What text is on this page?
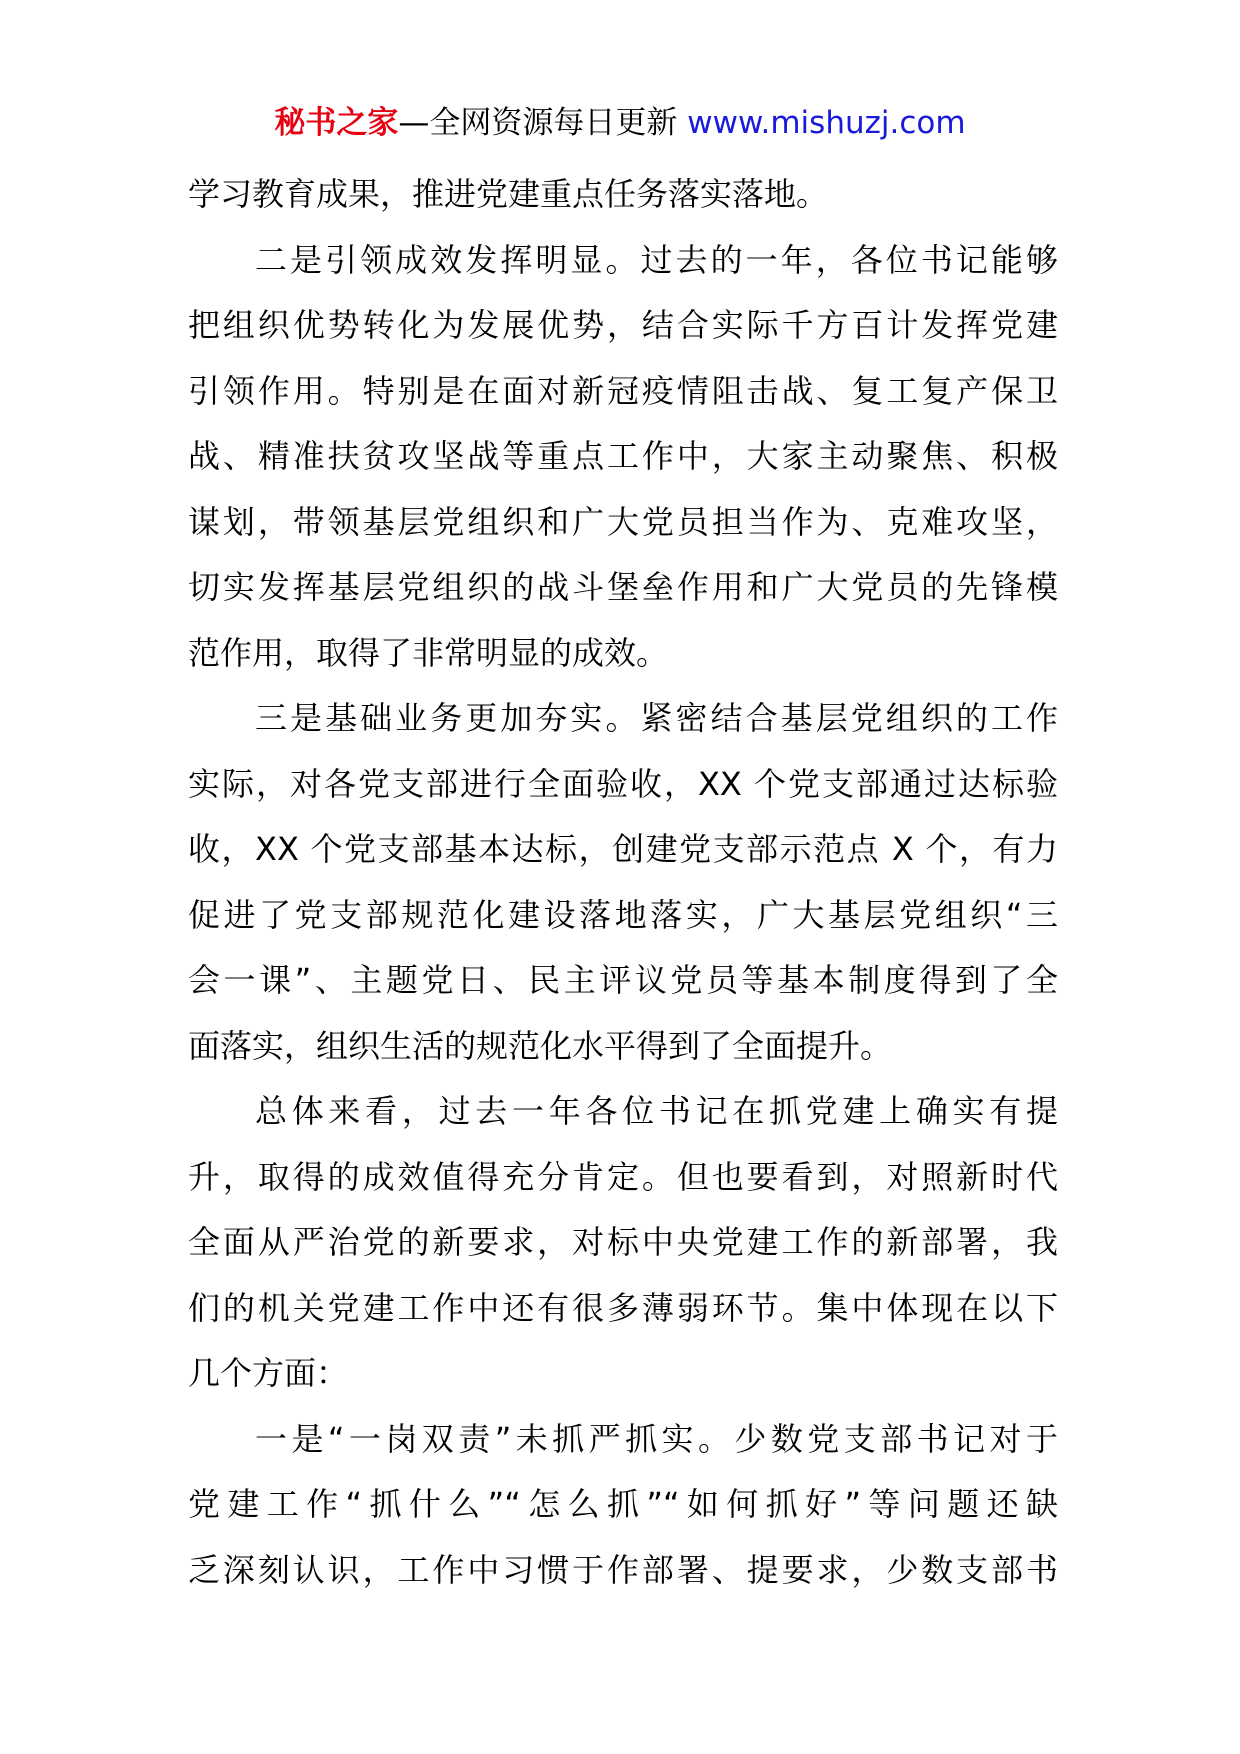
秘书之家—全网资源每日更新 www.mishuzj.com
学习教育成果，推进党建重点任务落实落地。
二是引领成效发挥明显。过去的一年，各位书记能够
把组织优势转化为发展优势，结合实际千方百计发挥党建
引领作用。特别是在面对新冠疫情阻击战、复工复产保卫
战、精准扶贫攻坚战等重点工作中，大家主动聚焦、积极
谋划，带领基层党组织和广大党员担当作为、克难攻坚，
切实发挥基层党组织的战斗堡垒作用和广大党员的先锋模
范作用，取得了非常明显的成效。
三是基础业务更加夯实。紧密结合基层党组织的工作
实际，对各党支部进行全面验收，XX 个党支部通过达标验
收，XX 个党支部基本达标，创建党支部示范点 X 个，有力
促进了党支部规范化建设落地落实，广大基层党组织“三
会一课”、主题党日、民主评议党员等基本制度得到了全
面落实，组织生活的规范化水平得到了全面提升。
总体来看，过去一年各位书记在抓党建上确实有提
升，取得的成效值得充分肯定。但也要看到，对照新时代
全面从严治党的新要求，对标中央党建工作的新部署，我
们的机关党建工作中还有很多薄弱环节。集中体现在以下
几个方面：
一是“一岗双责”未抓严抓实。少数党支部书记对于
党建工作“抓什么”“怎么抓”“如何抓好”等问题还缺
乏深刻认识，工作中习惯于作部署、提要求，少数支部书
